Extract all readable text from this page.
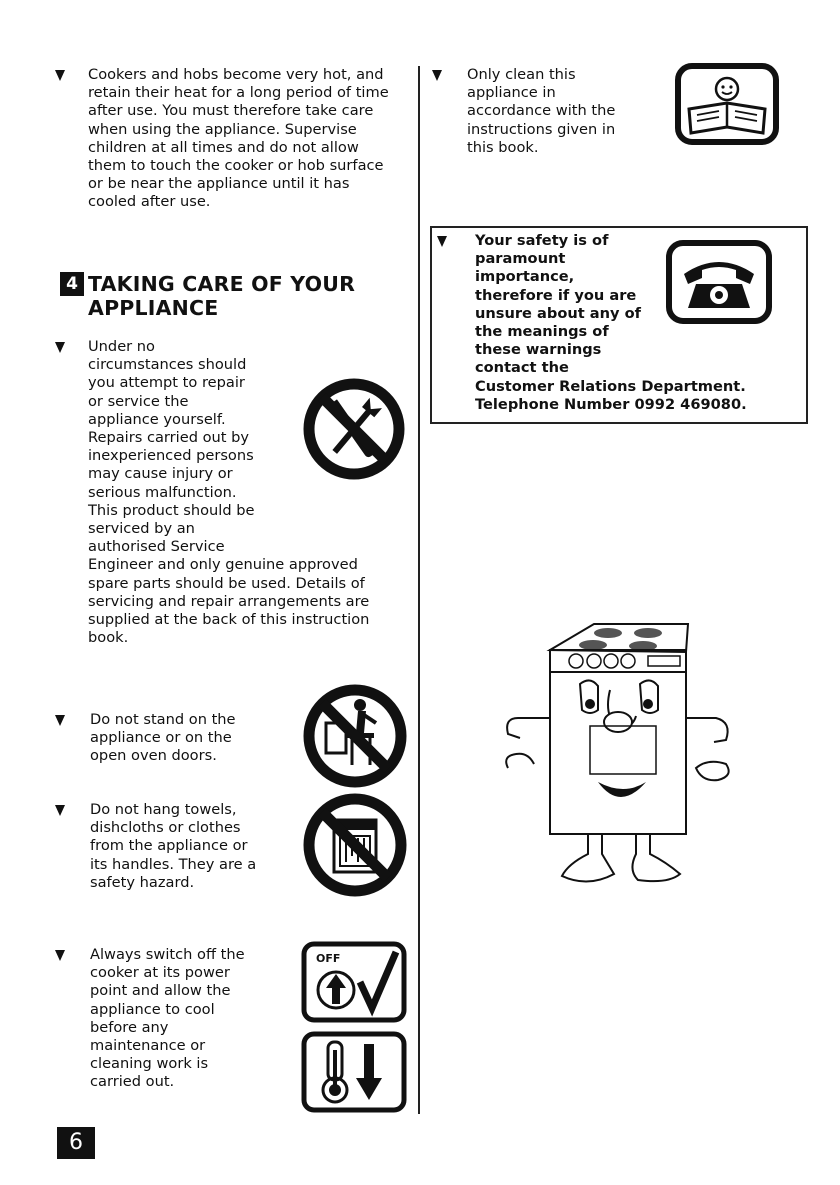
Cookers and hobs become very hot, and
retain their heat for a long period of time
after use. You must therefore take care
when using the appliance. Supervise
children at all times and do not allow
them to touch the cooker or hob surface
or be near the appliance until it has
cooled after use.
4 TAKING CARE OF YOUR
APPLIANCE
Under no
circumstances should
you attempt to repair
or service the
appliance yourself.
Repairs carried out by
inexperienced persons
may cause injury or
serious malfunction.
This product should be
serviced by an
authorised Service
Engineer and only genuine approved
spare parts should be used. Details of
servicing and repair arrangements are
supplied at the back of this instruction
book.
Do not stand on the
appliance or on the
open oven doors.
Do not hang towels,
dishcloths or clothes
from the appliance or
its handles. They are a
safety hazard.
Always switch off the
cooker at its power
point and allow the
appliance to cool
before any
maintenance or
cleaning work is
carried out.
OFF
6
Only clean this
appliance in
accordance with the
instructions given in
this book.
Your safety is of
paramount
importance,
therefore if you are
unsure about any of
the meanings of
these warnings
contact the
Customer Relations Department.
Telephone Number 0992 469080.
